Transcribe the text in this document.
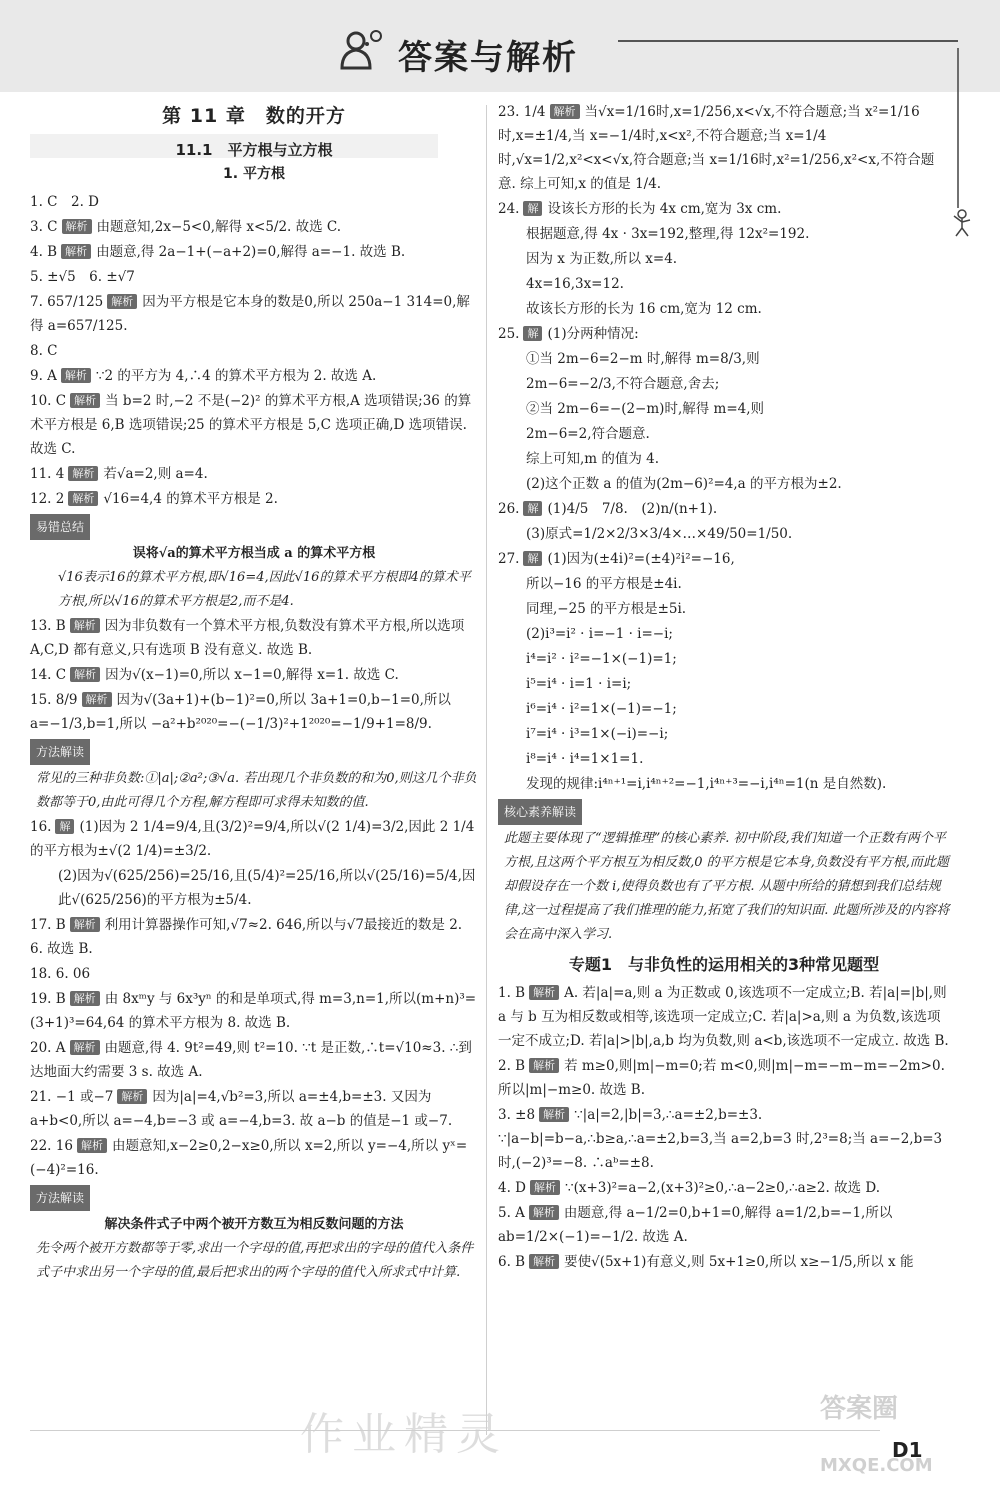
答案与解析
第 11 章　数的开方
11.1　平方根与立方根
1. 平方根
1. C　2. D
3. C 解析 由题意知,2x−5<0,解得 x<5/2. 故选 C.
4. B 解析 由题意,得 2a−1+(−a+2)=0,解得 a=−1. 故选 B.
5. ±√5　6. ±√7
7. 657/125 解析 因为平方根是它本身的数是0,所以 250a−1 314=0,解得 a=657/125.
8. C
9. A 解析 ∵2 的平方为 4,∴4 的算术平方根为 2. 故选 A.
10. C 解析 当 b=2 时,−2 不是(−2)² 的算术平方根,A 选项错误;36 的算术平方根是 6,B 选项错误;25 的算术平方根是 5,C 选项正确,D 选项错误. 故选 C.
11. 4 解析 若√a=2,则 a=4.
12. 2 解析 √16=4,4 的算术平方根是 2.
易错总结
误将√a的算术平方根当成 a 的算术平方根
√16表示16的算术平方根,即√16=4,因此√16的算术平方根即4的算术平方根,所以√16的算术平方根是2,而不是4.
13. B 解析 因为非负数有一个算术平方根,负数没有算术平方根,所以选项 A,C,D 都有意义,只有选项 B 没有意义. 故选 B.
14. C 解析 因为√(x−1)=0,所以 x−1=0,解得 x=1. 故选 C.
15. 8/9 解析 因为√(3a+1)+(b−1)²=0,所以 3a+1=0,b−1=0,所以 a=−1/3,b=1,所以 −a²+b²⁰²⁰=−(−1/3)²+1²⁰²⁰=−1/9+1=8/9.
方法解读
常见的三种非负数:①|a|;②a²;③√a. 若出现几个非负数的和为0,则这几个非负数都等于0,由此可得几个方程,解方程即可求得未知数的值.
16. 解 (1)因为 2 1/4=9/4,且(3/2)²=9/4,所以√(2 1/4)=3/2,因此 2 1/4 的平方根为±√(2 1/4)=±3/2.
(2)因为√(625/256)=25/16,且(5/4)²=25/16,所以√(25/16)=5/4,因此√(625/256)的平方根为±5/4.
17. B 解析 利用计算器操作可知,√7≈2. 646,所以与√7最接近的数是 2. 6. 故选 B.
18. 6. 06
19. B 解析 由 8xᵐy 与 6x³yⁿ 的和是单项式,得 m=3,n=1,所以(m+n)³=(3+1)³=64,64 的算术平方根为 8. 故选 B.
20. A 解析 由题意,得 4. 9t²=49,则 t²=10. ∵t 是正数,∴t=√10≈3. ∴到达地面大约需要 3 s. 故选 A.
21. −1 或−7 解析 因为|a|=4,√b²=3,所以 a=±4,b=±3. 又因为 a+b<0,所以 a=−4,b=−3 或 a=−4,b=3. 故 a−b 的值是−1 或−7.
22. 16 解析 由题意知,x−2≥0,2−x≥0,所以 x=2,所以 y=−4,所以 yˣ=(−4)²=16.
方法解读
解决条件式子中两个被开方数互为相反数问题的方法
先令两个被开方数都等于零,求出一个字母的值,再把求出的字母的值代入条件式子中求出另一个字母的值,最后把求出的两个字母的值代入所求式中计算.
23. 1/4 解析 当√x=1/16时,x=1/256,x<√x,不符合题意;当 x²=1/16时,x=±1/4,当 x=−1/4时,x<x²,不符合题意;当 x=1/4时,√x=1/2,x²<x<√x,符合题意;当 x=1/16时,x²=1/256,x²<x,不符合题意. 综上可知,x 的值是 1/4.
24. 解 设该长方形的长为 4x cm,宽为 3x cm.
根据题意,得 4x · 3x=192,整理,得 12x²=192.
因为 x 为正数,所以 x=4.
4x=16,3x=12.
故该长方形的长为 16 cm,宽为 12 cm.
25. 解 (1)分两种情况:
①当 2m−6=2−m 时,解得 m=8/3,则
2m−6=−2/3,不符合题意,舍去;
②当 2m−6=−(2−m)时,解得 m=4,则
2m−6=2,符合题意.
综上可知,m 的值为 4.
(2)这个正数 a 的值为(2m−6)²=4,a 的平方根为±2.
26. 解 (1)4/5　7/8.　(2)n/(n+1).
(3)原式=1/2×2/3×3/4×…×49/50=1/50.
27. 解 (1)因为(±4i)²=(±4)²i²=−16,
所以−16 的平方根是±4i.
同理,−25 的平方根是±5i.
(2)i³=i² · i=−1 · i=−i;
i⁴=i² · i²=−1×(−1)=1;
i⁵=i⁴ · i=1 · i=i;
i⁶=i⁴ · i²=1×(−1)=−1;
i⁷=i⁴ · i³=1×(−i)=−i;
i⁸=i⁴ · i⁴=1×1=1.
发现的规律:i⁴ⁿ⁺¹=i,i⁴ⁿ⁺²=−1,i⁴ⁿ⁺³=−i,i⁴ⁿ=1(n 是自然数).
核心素养解读
此题主要体现了“逻辑推理”的核心素养. 初中阶段,我们知道一个正数有两个平方根,且这两个平方根互为相反数,0 的平方根是它本身,负数没有平方根,而此题却假设存在一个数 i,使得负数也有了平方根. 从题中所给的猜想到我们总结规律,这一过程提高了我们推理的能力,拓宽了我们的知识面. 此题所涉及的内容将会在高中深入学习.
专题1　与非负性的运用相关的3种常见题型
1. B 解析 A. 若|a|=a,则 a 为正数或 0,该选项不一定成立;B. 若|a|=|b|,则 a 与 b 互为相反数或相等,该选项一定成立;C. 若|a|>a,则 a 为负数,该选项一定不成立;D. 若|a|>|b|,a,b 均为负数,则 a<b,该选项不一定成立. 故选 B.
2. B 解析 若 m≥0,则|m|−m=0;若 m<0,则|m|−m=−m−m=−2m>0. 所以|m|−m≥0. 故选 B.
3. ±8 解析 ∵|a|=2,|b|=3,∴a=±2,b=±3. ∵|a−b|=b−a,∴b≥a,∴a=±2,b=3,当 a=2,b=3 时,2³=8;当 a=−2,b=3 时,(−2)³=−8. ∴aᵇ=±8.
4. D 解析 ∵(x+3)²=a−2,(x+3)²≥0,∴a−2≥0,∴a≥2. 故选 D.
5. A 解析 由题意,得 a−1/2=0,b+1=0,解得 a=1/2,b=−1,所以 ab=1/2×(−1)=−1/2. 故选 A.
6. B 解析 要使√(5x+1)有意义,则 5x+1≥0,所以 x≥−1/5,所以 x 能
作业精灵	答案圈
MXQE.COM
D1
